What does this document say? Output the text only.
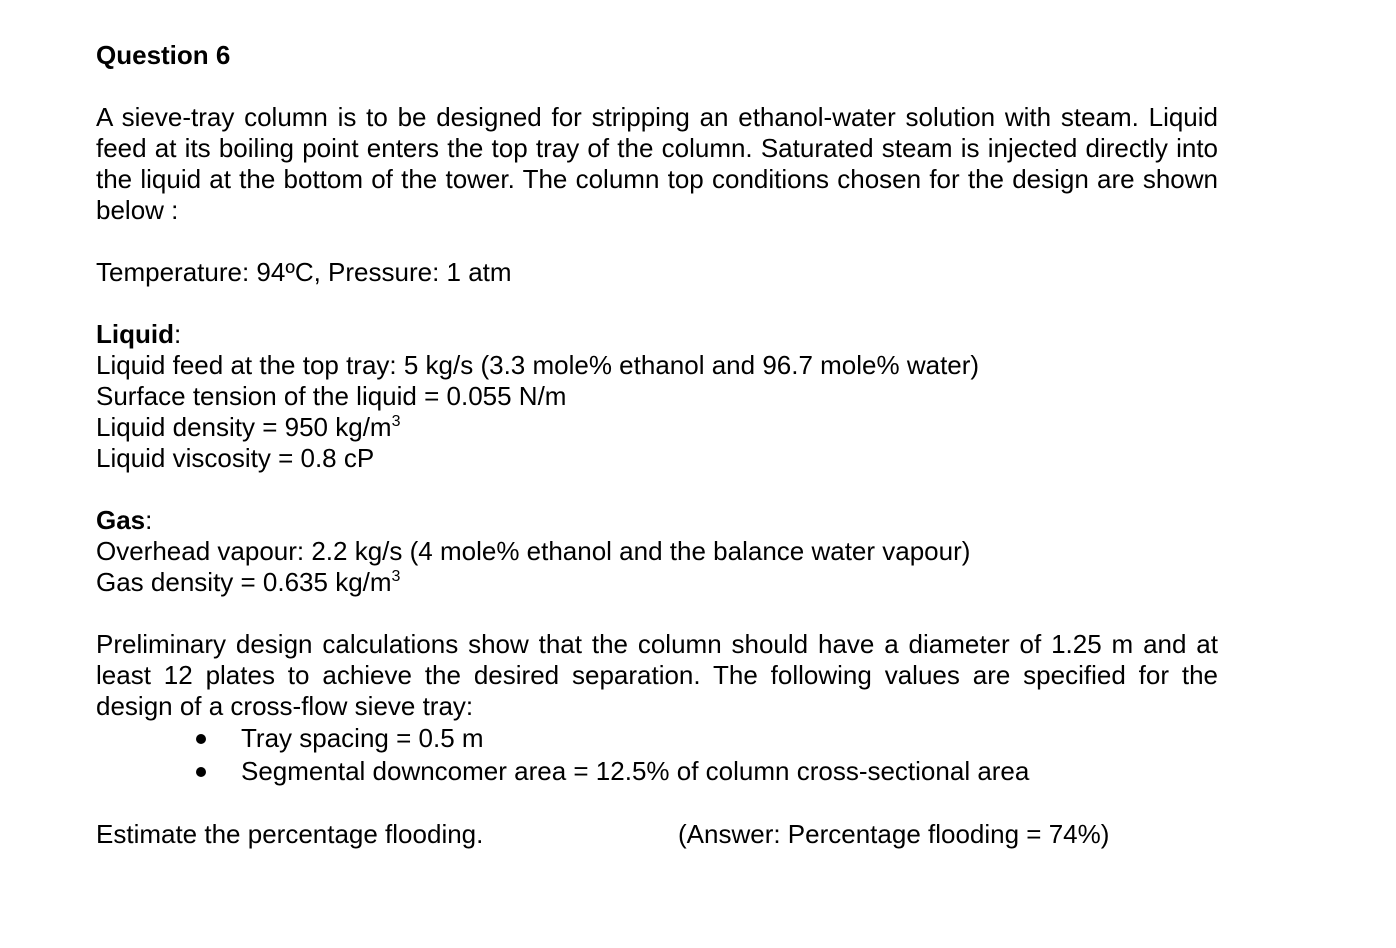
Question 6

A sieve-tray column is to be designed for stripping an ethanol-water solution with steam. Liquid feed at its boiling point enters the top tray of the column. Saturated steam is injected directly into the liquid at the bottom of the tower. The column top conditions chosen for the design are shown below :

Temperature: 94ºC, Pressure: 1 atm

Liquid:
Liquid feed at the top tray: 5 kg/s (3.3 mole% ethanol and 96.7 mole% water)
Surface tension of the liquid = 0.055 N/m
Liquid density = 950 $kg/m^3$
Liquid viscosity = 0.8 cP
Gas:
Overhead vapour: 2.2 kg/s (4 mole% ethanol and the balance water vapour)
Gas density = 0.635 $kg/m^3$

Preliminary design calculations show that the column should have a diameter of 1.25 m and at least 12 plates to achieve the desired separation. The following values are specified for the design of a cross-flow sieve tray:

Tray spacing = 0.5 m
Segmental downcomer area = 12.5% of column cross-sectional area
Estimate the percentage flooding.	(Answer: Percentage flooding = 74%)
